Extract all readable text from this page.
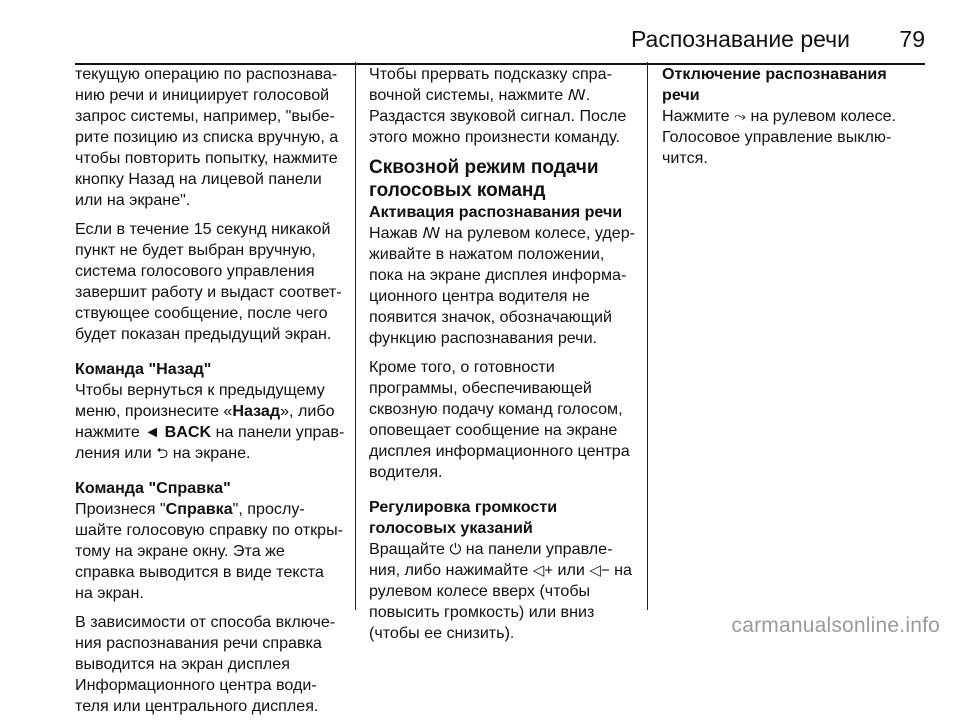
Распознавание речи 79

текущую операцию по распознава-нию речи и инициирует голосовой запрос системы, например, "выбе-рите позицию из списка вручную, а чтобы повторить попытку, нажмите кнопку Назад на лицевой панели или на экране".

Если в течение 15 секунд никакой пункт не будет выбран вручную, система голосового управления завершит работу и выдаст соответ-ствующее сообщение, после чего будет показан предыдущий экран.

Команда "Назад"

Чтобы вернуться к предыдущему меню, произнесите «Назад», либо нажмите ◄ BACK на панели управ-ления или ⮌ на экране.

Команда "Справка"

Произнеся "Справка", прослу-шайте голосовую справку по откры-тому на экране окну. Эта же справка выводится в виде текста на экран.

В зависимости от способа включе-ния распознавания речи справка выводится на экран дисплея Информационного центра води-теля или центрального дисплея.

Чтобы прервать подсказку спра-вочной системы, нажмите ꟿ.
Раздастся звуковой сигнал. После этого можно произнести команду.

Сквозной режим подачи голосовых команд

Активация распознавания речи

Нажав ꟿ на рулевом колесе, удер-живайте в нажатом положении, пока на экране дисплея информа-ционного центра водителя не появится значок, обозначающий функцию распознавания речи.

Кроме того, о готовности программы, обеспечивающей сквозную подачу команд голосом, оповещает сообщение на экране дисплея информационного центра водителя.

Регулировка громкости голосовых указаний

Вращайте ⏻ на панели управле-ния, либо нажимайте ◁+ или ◁− на рулевом колесе вверх (чтобы повысить громкость) или вниз (чтобы ее снизить).

Отключение распознавания речи

Нажмите ⤳ на рулевом колесе. Голосовое управление выклю-чится.

carmanualsonline.info
